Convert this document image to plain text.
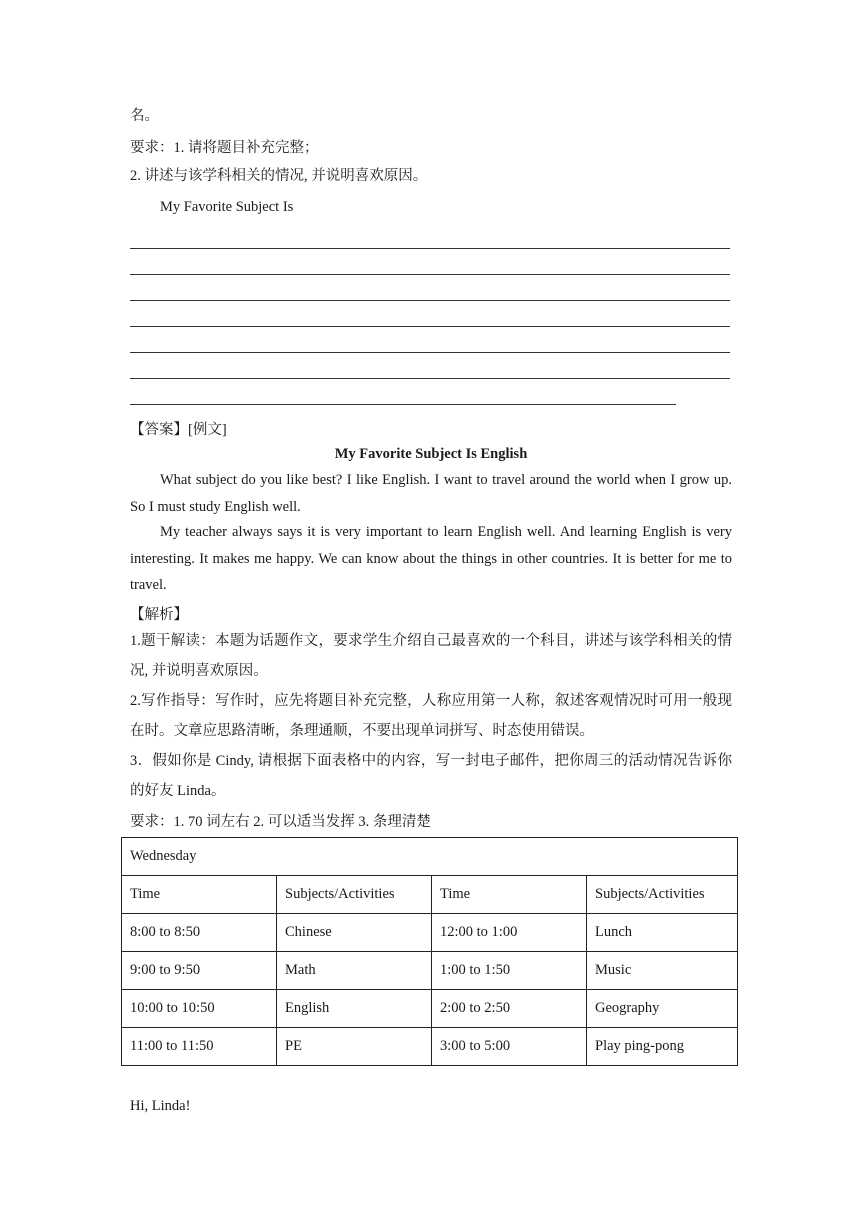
名。
要求：1. 请将题目补充完整；
2. 讲述与该学科相关的情况, 并说明喜欢原因。
My Favorite Subject Is
【答案】[例文]
My Favorite Subject Is English
What subject do you like best? I like English. I want to travel around the world when I grow up. So I must study English well.
My teacher always says it is very important to learn English well. And learning English is very interesting. It makes me happy. We can know about the things in other countries. It is better for me to travel.
【解析】
1.题干解读：本题为话题作文，要求学生介绍自己最喜欢的一个科目，讲述与该学科相关的情况, 并说明喜欢原因。
2.写作指导：写作时，应先将题目补充完整，人称应用第一人称，叙述客观情况时可用一般现在时。文章应思路清晰，条理通顺，不要出现单词拼写、时态使用错误。
3．假如你是 Cindy, 请根据下面表格中的内容，写一封电子邮件，把你周三的活动情况告诉你的好友 Linda。
要求：1. 70 词左右 2. 可以适当发挥 3. 条理清楚
Wednesday			
Time	Subjects/Activities	Time	Subjects/Activities
8:00 to 8:50	Chinese	12:00 to 1:00	Lunch
9:00 to 9:50	Math	1:00 to 1:50	Music
10:00 to 10:50	English	2:00 to 2:50	Geography
11:00 to 11:50	PE	3:00 to 5:00	Play ping-pong
Hi, Linda!
